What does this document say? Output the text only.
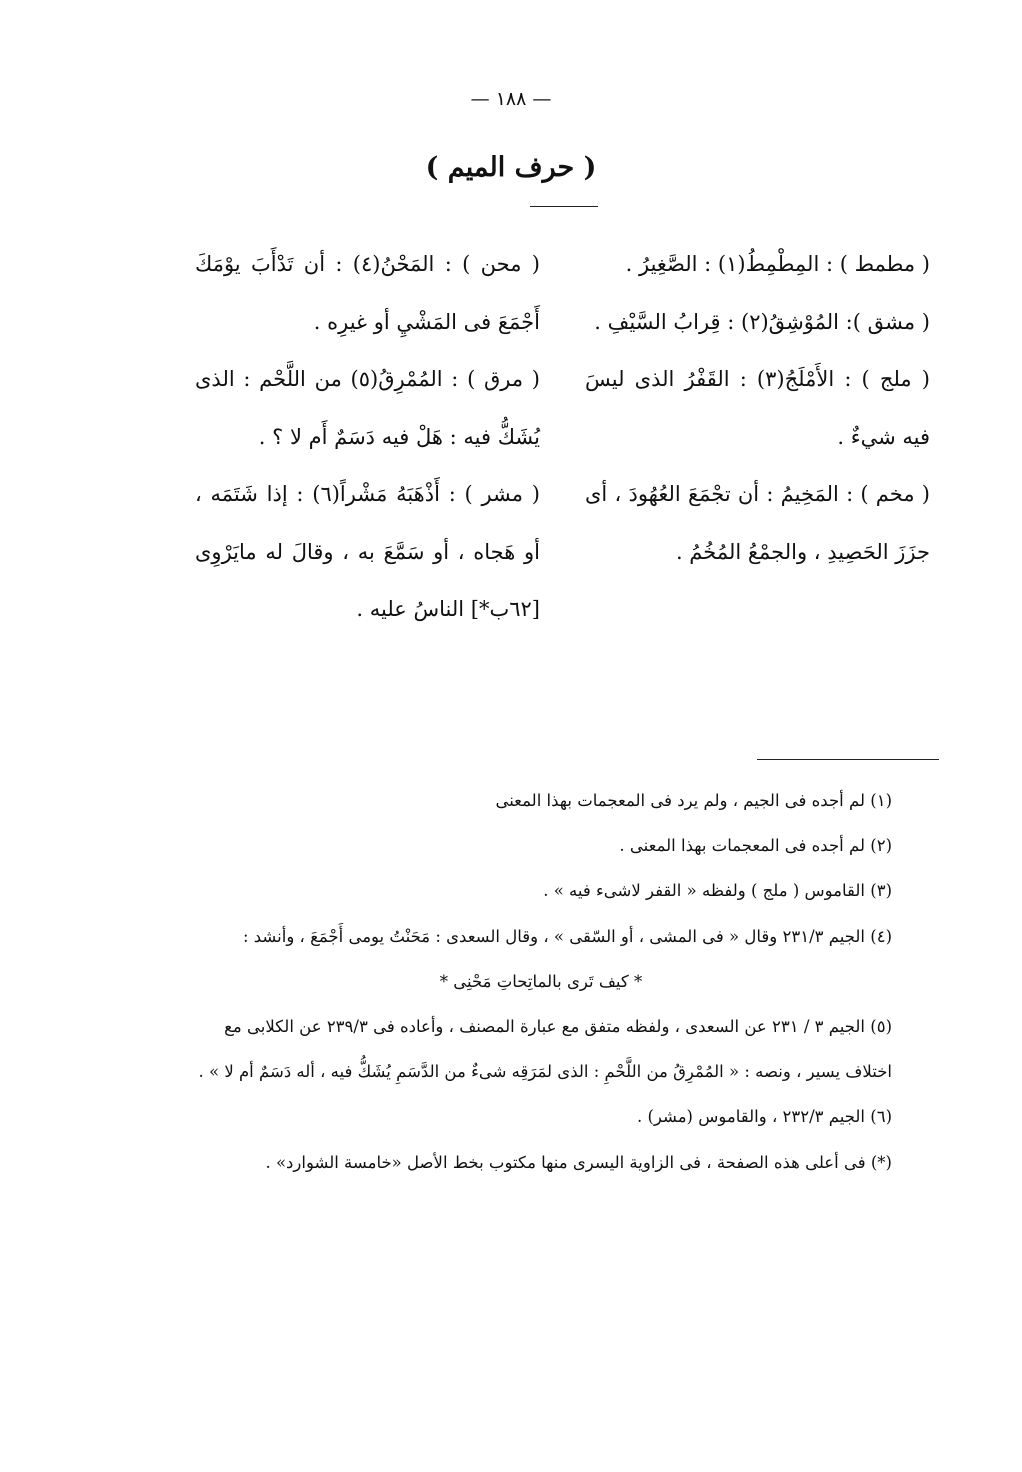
— ١٨٨ —
( حرف الميم )

( مطمط ) : المِطْمِطُ(١) : الصَّغِيرُ .

( مشق ): المُوْشِقُ(٢) : قِرابُ السَّيْفِ .

( ملج ) : الأَمْلَجُ(٣) : القَفْرُ الذى ليسَ فيه شيءٌ .

( مخم ) : المَخِيمُ : أن تجْمَعَ العُهُودَ ، أى جزَزَ الحَصِيدِ ، والجمْعُ المُخُمُ .

( محن ) : المَحْنُ(٤) : أن تَدْأَبَ يوْمَكَ أَجْمَعَ فى المَشْيِ أو غيرِه .

( مرق ) : المُمْرِقُ(٥) من اللَّحْم : الذى يُشَكُّ فيه : هَلْ فيه دَسَمٌ أَم لا ؟ .

( مشر ) : أَذْهَبَهُ مَشْراً(٦) : إذا شَتَمَه ، أو هَجاه ، أو سَمَّعَ به ، وقالَ له مايَرْوِى [٦٢ب*] الناسُ عليه .

(١) لم أجده فى الجيم ، ولم يرد فى المعجمات بهذا المعنى

(٢) لم أجده فى المعجمات بهذا المعنى .

(٣) القاموس ( ملج ) ولفظه « القفر لاشىء فيه » .

(٤) الجيم ٢٣١/٣ وقال « فى المشى ، أو السّقى » ، وقال السعدى : مَحَنْتُ يومى أَجْمَعَ ، وأنشد :

* كيف تَرى بالماتِحاتِ مَحْنِى *

(٥) الجيم ٣ / ٢٣١ عن السعدى ، ولفظه متفق مع عبارة المصنف ، وأعاده فى ٢٣٩/٣ عن الكلابى مع اختلاف يسير ، ونصه : « المُمْرِقُ من اللَّحْمِ : الذى لمَرَقِه شىءٌ من الدَّسَمِ يُشَكُّ فيه ، أله دَسَمٌ أم لا » .

(٦) الجيم ٢٣٢/٣ ، والقاموس (مشر) .

(*) فى أعلى هذه الصفحة ، فى الزاوية اليسرى منها مكتوب بخط الأصل «خامسة الشوارد» .
